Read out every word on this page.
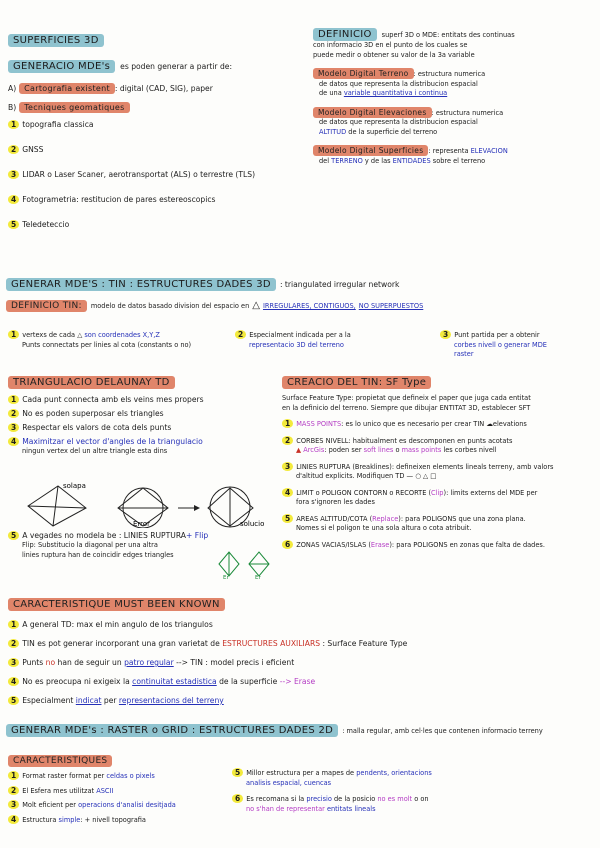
SUPERFICIES 3D
GENERACIO MDE's	es poden generar a partir de:
A)	Cartografia existent : digital (CAD, SIG), paper
B)	Tecniques geomatiques
1 topografia classica
2 GNSS
3 LIDAR o Laser Scaner, aerotransportat (ALS) o terrestre (TLS)
4 Fotogrametria: restitucion de pares estereoscopics
5 Teledeteccio
DEFINICIO	superf 3D o MDE: entitats des continuas
con informacio 3D en el punto de los cuales se
puede medir o obtener su valor de la 3a variable
Modelo Digital Terreno : estructura numerica
de datos que representa la distribucion espacial
de una variable quantitativa i continua
Modelo Digital Elevaciones : estructura numerica
de datos que representa la distribucion espacial
ALTITUD de la superficie del terreno
Modelo Digital Superficies : representa ELEVACION
del TERRENO y de las ENTIDADES sobre el terreno
GENERAR MDE'S : TIN : ESTRUCTURES DADES 3D	: triangulated irregular network
DEFINICIO TIN:	modelo de datos basado division del espacio en △ IRREGULARES, CONTIGUOS, NO SUPERPUESTOS
1 vertexs de cada △ son coordenades X,Y,Z
Punts connectats per linies al cota (constants o no)
2 Especialment indicada per a la
representacio 3D del terreno
3 Punt partida per a obtenir
corbes nivell o generar MDE
raster
TRIANGULACIO DELAUNAY TD
1 Cada punt connecta amb els veins mes propers
2 No es poden superposar els triangles
3 Respectar els valors de cota dels punts
4 Maximitzar el vector d'angles de la triangulacio
ningun vertex del un altre triangle esta dins
solapa
Error	solucio
5 A vegades no modela be : LINIES RUPTURA+ Flip
Flip: Substitucio la diagonal per una altra
linies ruptura han de coincidir edges triangles
Er	Er
CARACTERISTIQUE MUST BEEN KNOWN
1 A general TD: max el min angulo de los triangulos
2 TIN es pot generar incorporant una gran varietat de ESTRUCTURES AUXILIARS : Surface Feature Type
3 Punts no han de seguir un patro regular --> TIN : model precis i eficient
4 No es preocupa ni exigeix la continuitat estadistica de la superficie --> Erase
5 Especialment indicat per representacions del terreny
CREACIO DEL TIN: SF Type
Surface Feature Type: propietat que defineix el paper que juga cada entitat
en la definicio del terreno. Siempre que dibujar ENTITAT 3D, establecer SFT
1 MASS POINTS: es lo unico que es necesario per crear TIN ☁elevations
2 CORBES NIVELL: habitualment es descomponen en punts acotats
▲ ArcGis: poden ser soft lines o mass points les corbes nivell
3 LINIES RUPTURA (Breaklines): defineixen elements lineals terreny, amb valors
d'altitud explicits. Modifiquen TD — ○ △ □
4 LIMIT o POLIGON CONTORN o RECORTE (Clip): limits externs del MDE per
fora s'ignoren les dades
5 AREAS ALTITUD/COTA (Replace): para POLIGONS que una zona plana.
Nomes si el poligon te una sola altura o cota atribuit.
6 ZONAS VACIAS/ISLAS (Erase): para POLIGONS en zonas que falta de dades.
GENERAR MDE's : RASTER o GRID : ESTRUCTURES DADES 2D	: malla regular, amb cel·les que contenen informacio terreny
CARACTERISTIQUES
1 Format raster format per celdas o pixels
2 El Esfera mes utilitzat ASCII
3 Molt eficient per operacions d'analisi desitjada
4 Estructura simple: + nivell topografia
5 Millor estructura per a mapes de pendents, orientacions
analisis espacial, cuencas
6 Es recomana si la precisio de la posicio no es molt o on
no s'han de representar entitats lineals
